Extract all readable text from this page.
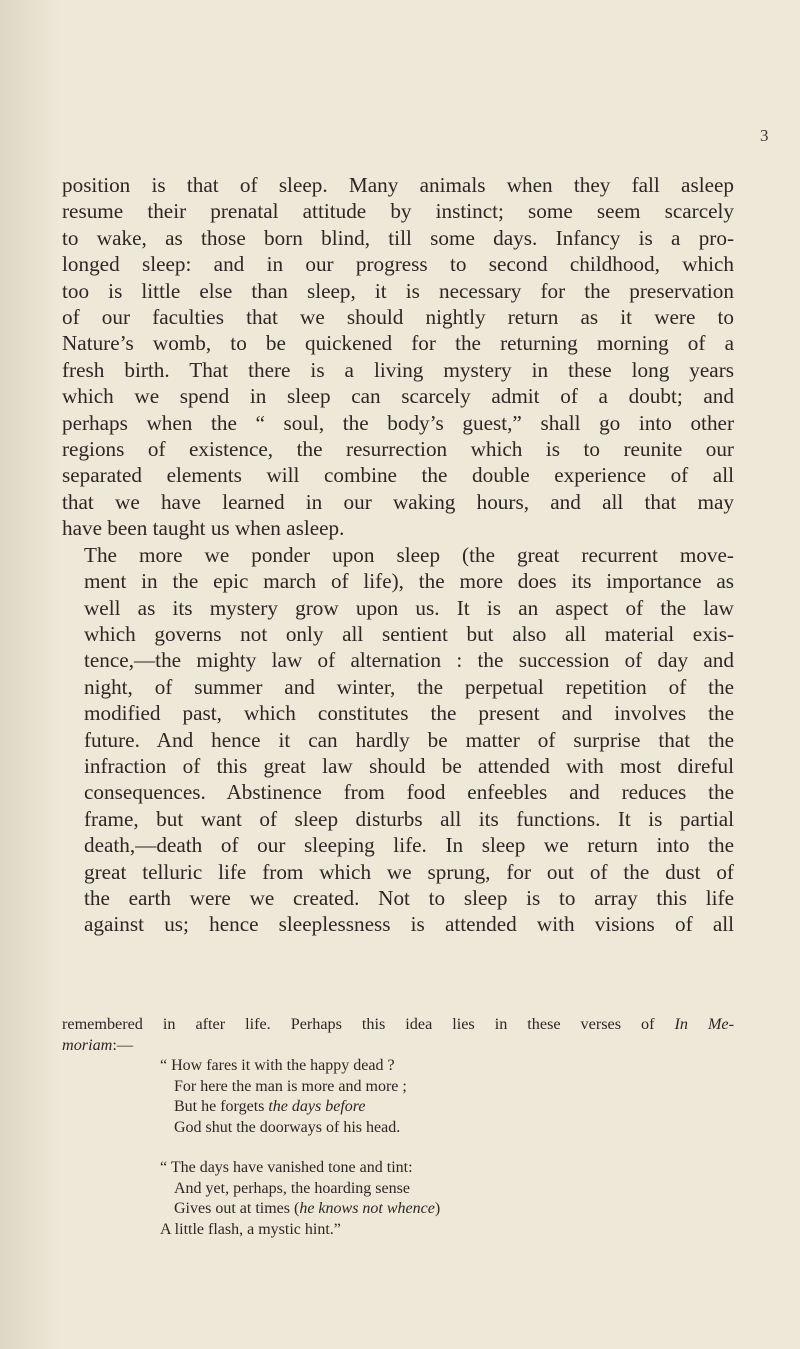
3
position is that of sleep. Many animals when they fall asleep
resume their prenatal attitude by instinct; some seem scarcely
to wake, as those born blind, till some days. Infancy is a pro-
longed sleep: and in our progress to second childhood, which
too is little else than sleep, it is necessary for the preservation
of our faculties that we should nightly return as it were to
Nature’s womb, to be quickened for the returning morning of a
fresh birth. That there is a living mystery in these long years
which we spend in sleep can scarcely admit of a doubt; and
perhaps when the “ soul, the body’s guest,” shall go into other
regions of existence, the resurrection which is to reunite our
separated elements will combine the double experience of all
that we have learned in our waking hours, and all that may
have been taught us when asleep.
The more we ponder upon sleep (the great recurrent move-
ment in the epic march of life), the more does its importance as
well as its mystery grow upon us. It is an aspect of the law
which governs not only all sentient but also all material exis-
tence,—the mighty law of alternation : the succession of day and
night, of summer and winter, the perpetual repetition of the
modified past, which constitutes the present and involves the
future. And hence it can hardly be matter of surprise that the
infraction of this great law should be attended with most direful
consequences. Abstinence from food enfeebles and reduces the
frame, but want of sleep disturbs all its functions. It is partial
death,—death of our sleeping life. In sleep we return into the
great telluric life from which we sprung, for out of the dust of
the earth were we created. Not to sleep is to array this life
against us; hence sleeplessness is attended with visions of all
remembered in after life. Perhaps this idea lies in these verses of In Me-
moriam:—
“ How fares it with the happy dead ?
For here the man is more and more ;
But he forgets the days before
God shut the doorways of his head.
“ The days have vanished tone and tint:
And yet, perhaps, the hoarding sense
Gives out at times (he knows not whence)
A little flash, a mystic hint.”
